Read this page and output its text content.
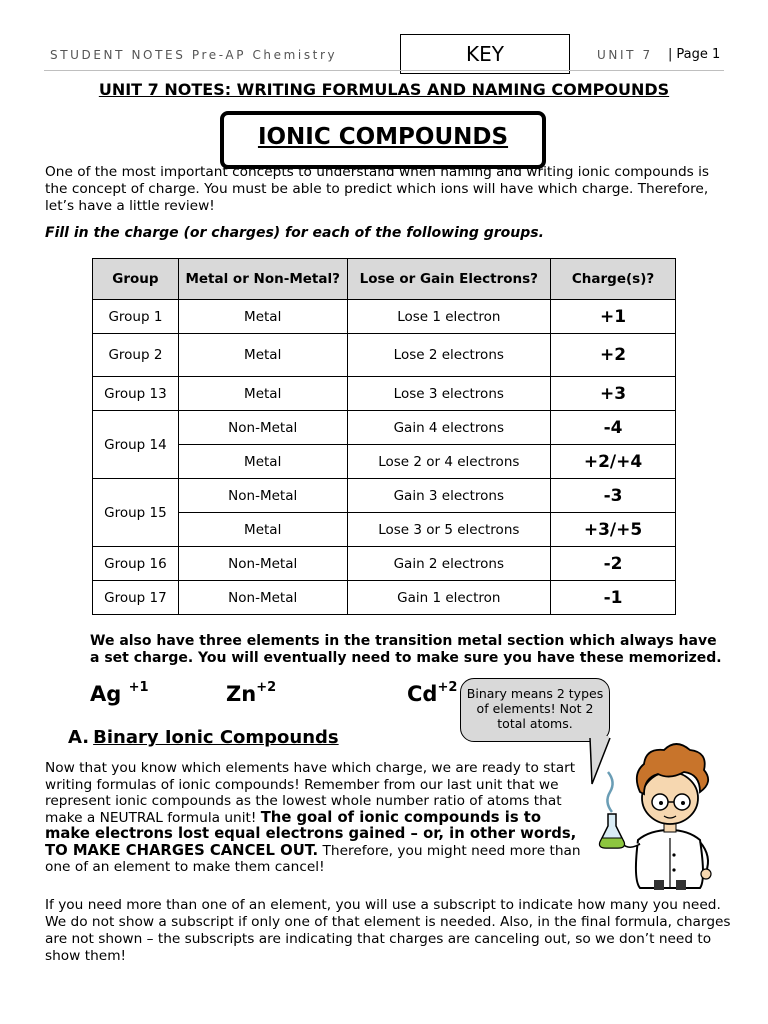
STUDENT NOTES Pre-AP Chemistry	KEY	UNIT 7 | Page 1
UNIT 7 NOTES: WRITING FORMULAS AND NAMING COMPOUNDS
IONIC COMPOUNDS
One of the most important concepts to understand when naming and writing ionic compounds is the concept of charge. You must be able to predict which ions will have which charge. Therefore, let’s have a little review!
Fill in the charge (or charges) for each of the following groups.
Group	Metal or Non-Metal?	Lose or Gain Electrons?	Charge(s)?
Group 1	Metal	Lose 1 electron	+1
Group 2	Metal	Lose 2 electrons	+2
Group 13	Metal	Lose 3 electrons	+3
Group 14	Non-Metal	Gain 4 electrons	-4
	Metal	Lose 2 or 4 electrons	+2/+4
Group 15	Non-Metal	Gain 3 electrons	-3
	Metal	Lose 3 or 5 electrons	+3/+5
Group 16	Non-Metal	Gain 2 electrons	-2
Group 17	Non-Metal	Gain 1 electron	-1
We also have three elements in the transition metal section which always have a set charge. You will eventually need to make sure you have these memorized.
Ag $^{+1}$	$Zn^{+2}$	$Cd^{+2}$ Binary means 2 types of elements! Not 2 total atoms.
A. Binary Ionic Compounds
Now that you know which elements have which charge, we are ready to start writing formulas of ionic compounds! Remember from our last unit that we represent ionic compounds as the lowest whole number ratio of atoms that make a NEUTRAL formula unit! The goal of ionic compounds is to make electrons lost equal electrons gained – or, in other words, TO MAKE CHARGES CANCEL OUT. Therefore, you might need more than one of an element to make them cancel!
If you need more than one of an element, you will use a subscript to indicate how many you need. We do not show a subscript if only one of that element is needed. Also, in the final formula, charges are not shown – the subscripts are indicating that charges are canceling out, so we don’t need to show them!
